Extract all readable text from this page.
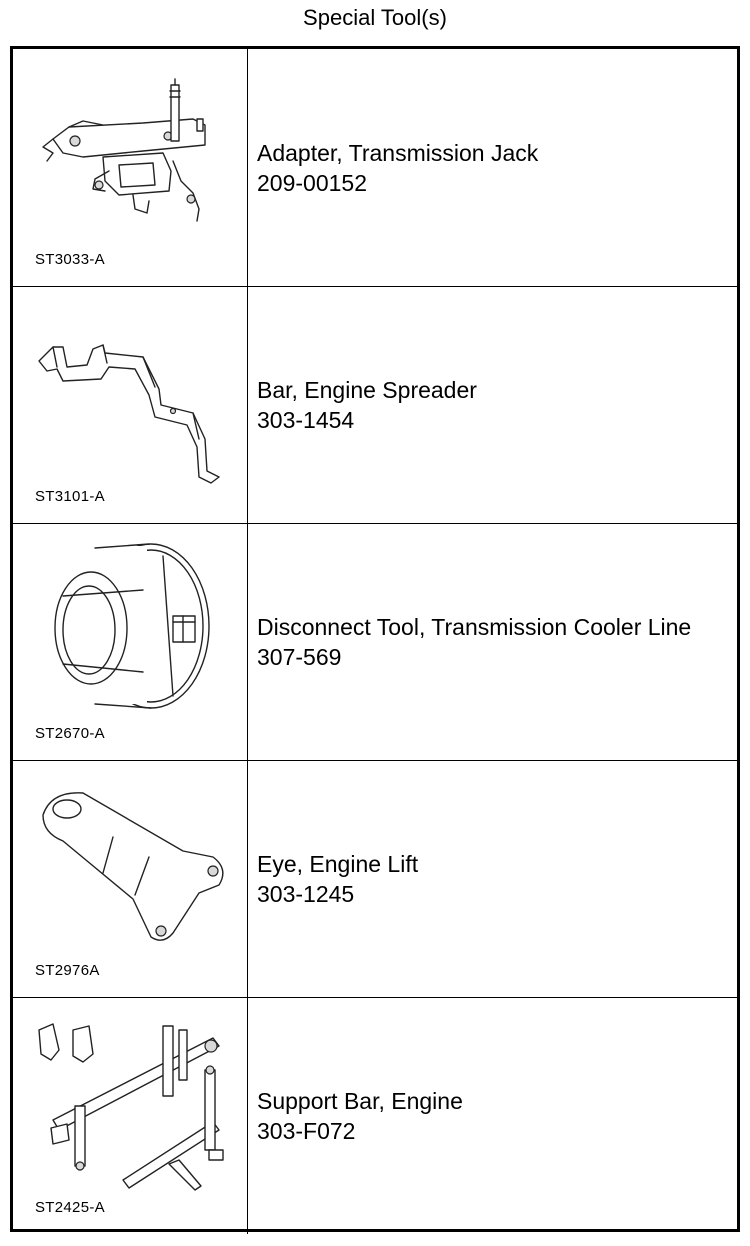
Special Tool(s)
ST3033-A
Adapter, Transmission Jack
209-00152
ST3101-A
Bar, Engine Spreader
303-1454
ST2670-A
Disconnect Tool, Transmission Cooler Line
307-569
ST2976A
Eye, Engine Lift
303-1245
ST2425-A
Support Bar, Engine
303-F072
